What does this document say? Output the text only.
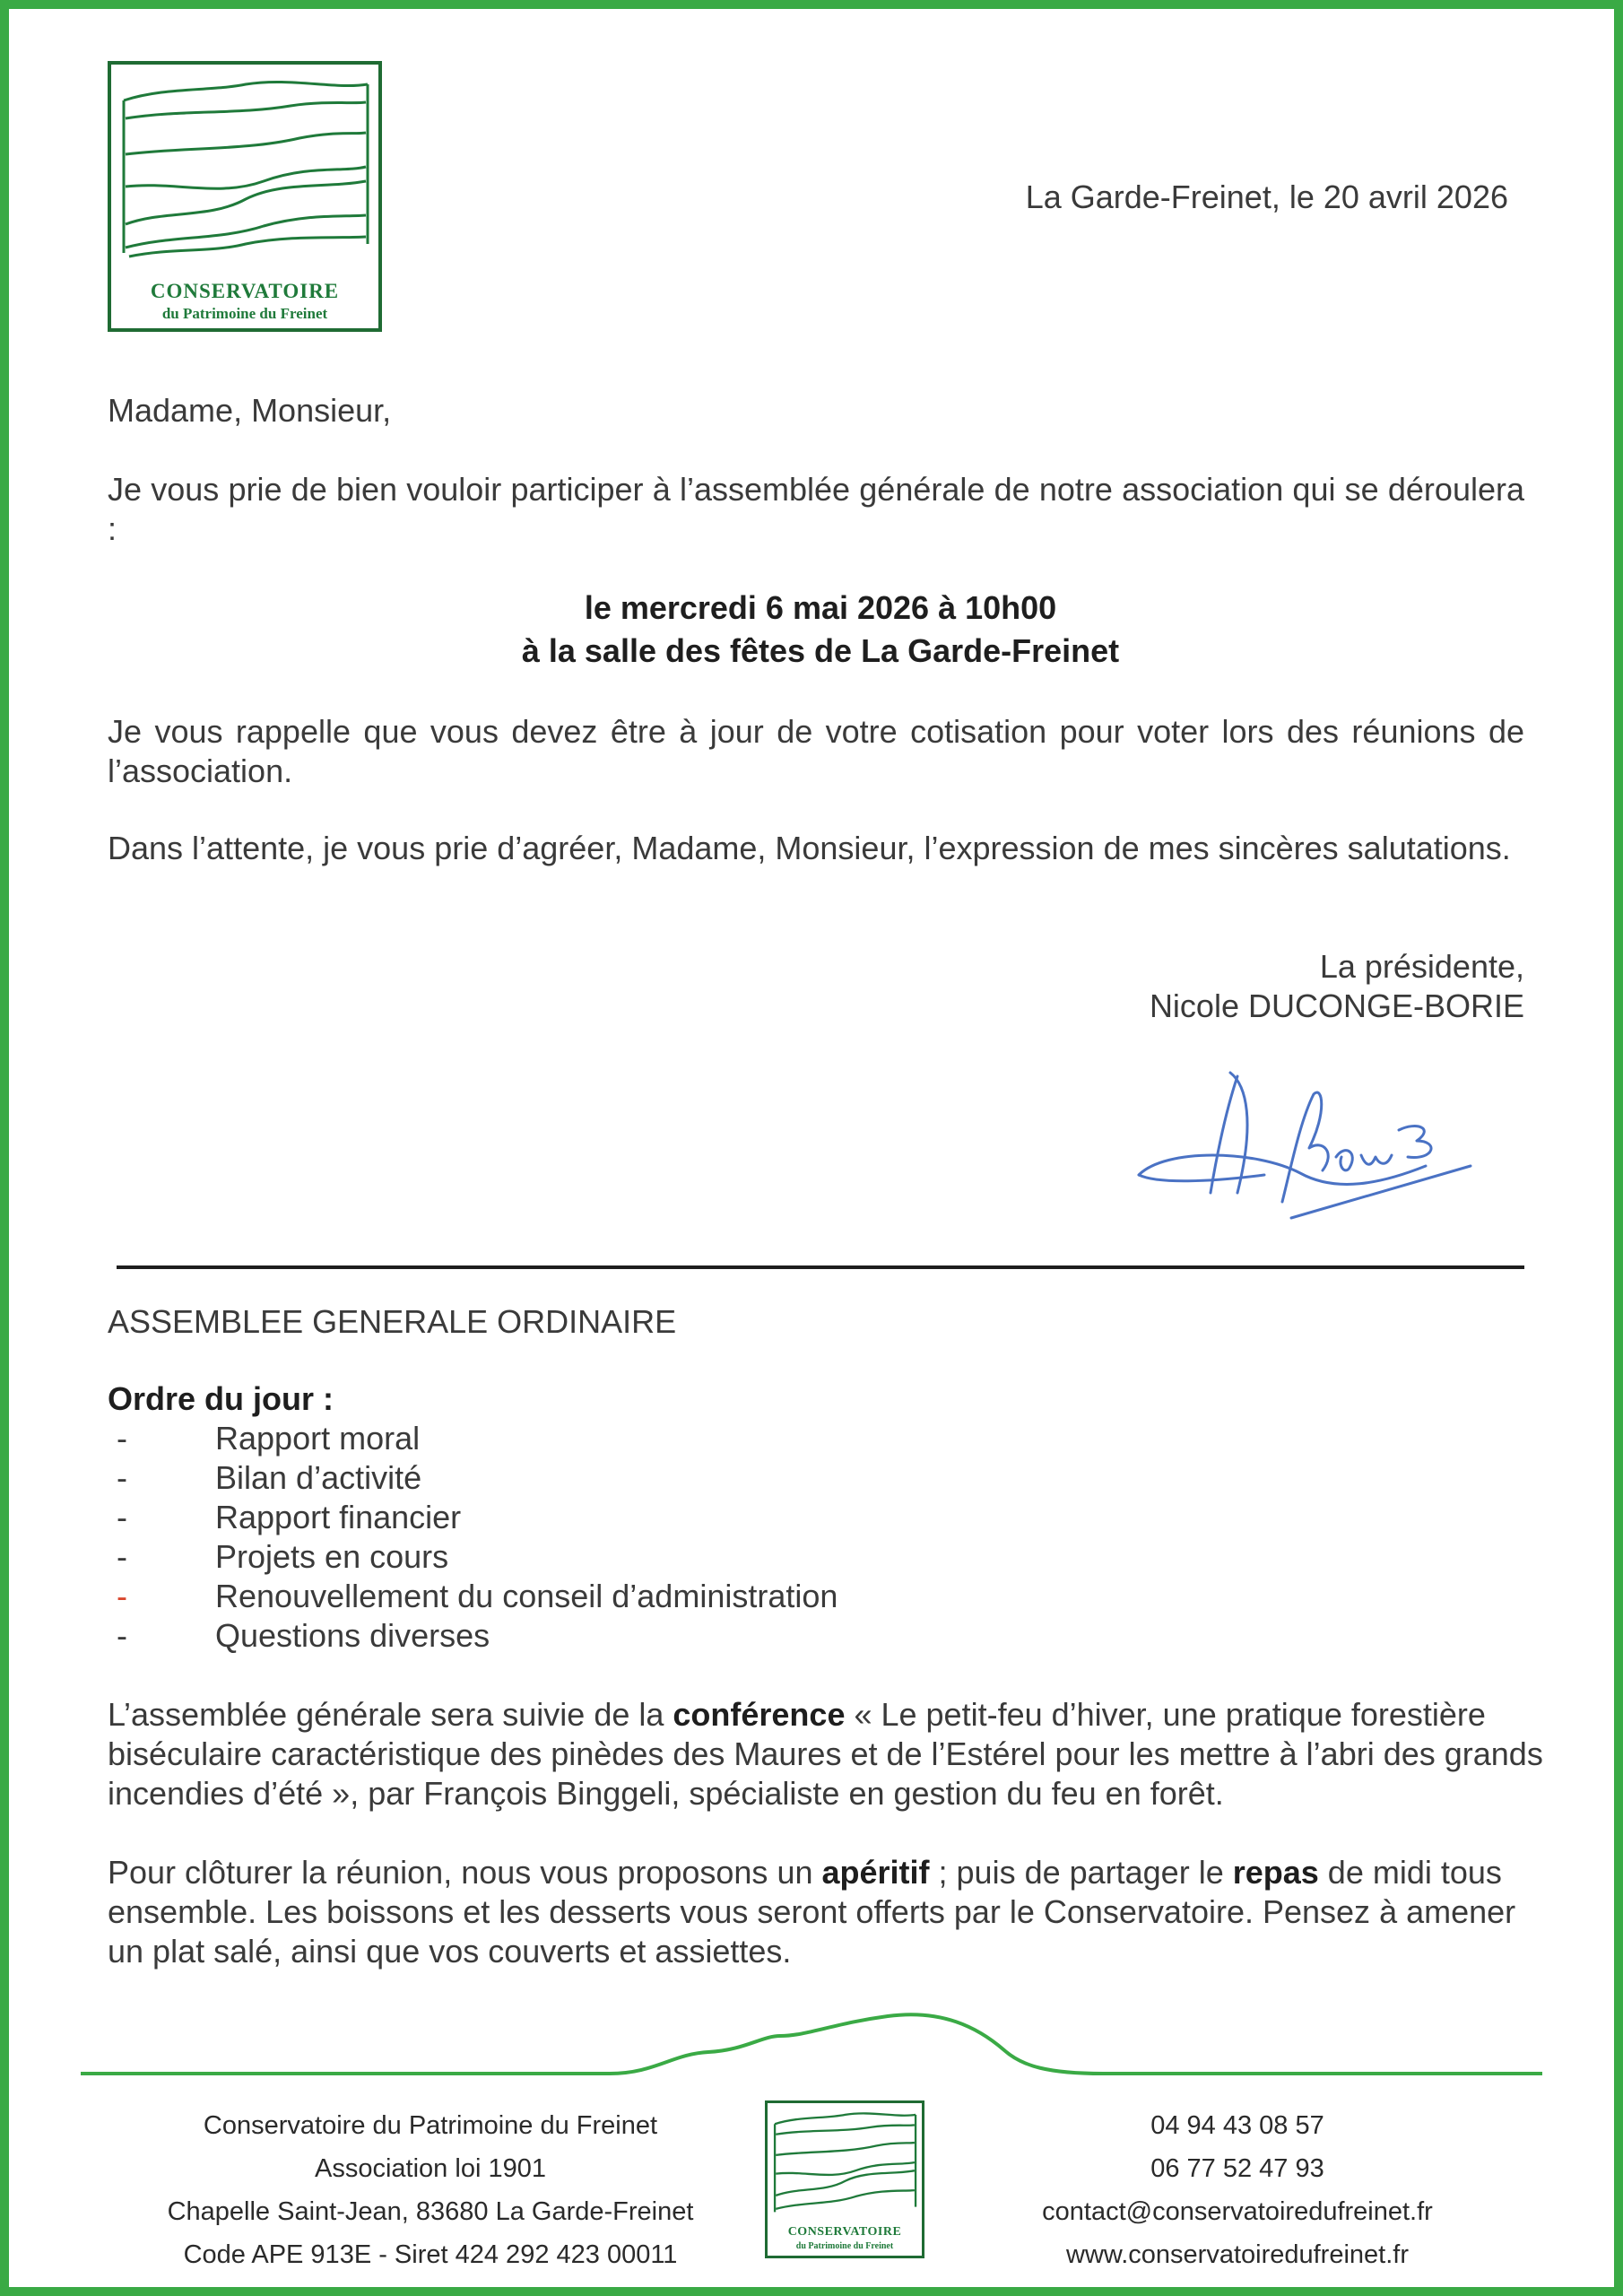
CONSERVATOIRE
du Patrimoine du Freinet
La Garde-Freinet, le 20 avril 2026
Madame, Monsieur,
Je vous prie de bien vouloir participer à l’assemblée générale de notre association qui se déroulera :
le mercredi 6 mai 2026 à 10h00
à la salle des fêtes de La Garde-Freinet
Je vous rappelle que vous devez être à jour de votre cotisation pour voter lors des réunions de l’association.
Dans l’attente, je vous prie d’agréer, Madame, Monsieur, l’expression de mes sincères salutations.
La présidente,
Nicole DUCONGE-BORIE
ASSEMBLEE GENERALE ORDINAIRE
Ordre du jour :
-	Rapport moral
-	Bilan d’activité
-	Rapport financier
-	Projets en cours
-	Renouvellement du conseil d’administration
-	Questions diverses
L’assemblée générale sera suivie de la conférence « Le petit-feu d’hiver, une pratique forestière biséculaire caractéristique des pinèdes des Maures et de l’Estérel pour les mettre à l’abri des grands incendies d’été », par François Binggeli, spécialiste en gestion du feu en forêt.
Pour clôturer la réunion, nous vous proposons un apéritif ; puis de partager le repas de midi tous ensemble. Les boissons et les desserts vous seront offerts par le Conservatoire. Pensez à amener un plat salé, ainsi que vos couverts et assiettes.
Conservatoire du Patrimoine du Freinet
Association loi 1901
Chapelle Saint-Jean, 83680 La Garde-Freinet
Code APE 913E - Siret 424 292 423 00011
CONSERVATOIRE
du Patrimoine du Freinet
04 94 43 08 57
06 77 52 47 93
contact@conservatoiredufreinet.fr
www.conservatoiredufreinet.fr
